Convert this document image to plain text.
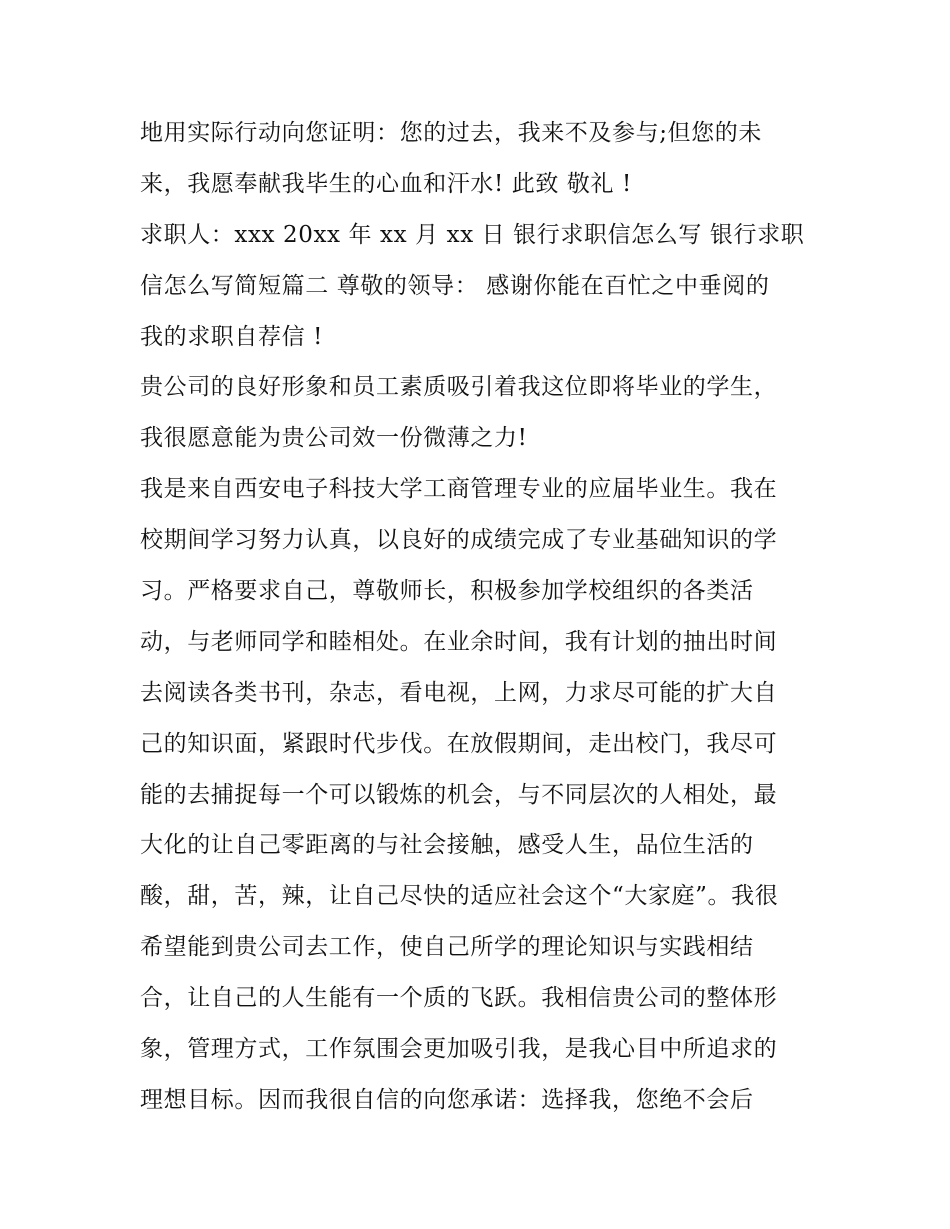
地用实际行动向您证明：您的过去，我来不及参与;但您的未
来，我愿奉献我毕生的心血和汗水! 此致 敬礼 !
求职人：xxx 20xx 年 xx 月 xx 日 银行求职信怎么写 银行求职
信怎么写简短篇二 尊敬的领导： 感谢你能在百忙之中垂阅的
我的求职自荐信 !
贵公司的良好形象和员工素质吸引着我这位即将毕业的学生，
我很愿意能为贵公司效一份微薄之力!
我是来自西安电子科技大学工商管理专业的应届毕业生。我在
校期间学习努力认真，以良好的成绩完成了专业基础知识的学
习。严格要求自己，尊敬师长，积极参加学校组织的各类活
动，与老师同学和睦相处。在业余时间，我有计划的抽出时间
去阅读各类书刊，杂志，看电视，上网，力求尽可能的扩大自
己的知识面，紧跟时代步伐。在放假期间，走出校门，我尽可
能的去捕捉每一个可以锻炼的机会，与不同层次的人相处，最
大化的让自己零距离的与社会接触，感受人生，品位生活的
酸，甜，苦，辣，让自己尽快的适应社会这个“大家庭”。我很
希望能到贵公司去工作，使自己所学的理论知识与实践相结
合，让自己的人生能有一个质的飞跃。我相信贵公司的整体形
象，管理方式，工作氛围会更加吸引我，是我心目中所追求的
理想目标。因而我很自信的向您承诺：选择我，您绝不会后
